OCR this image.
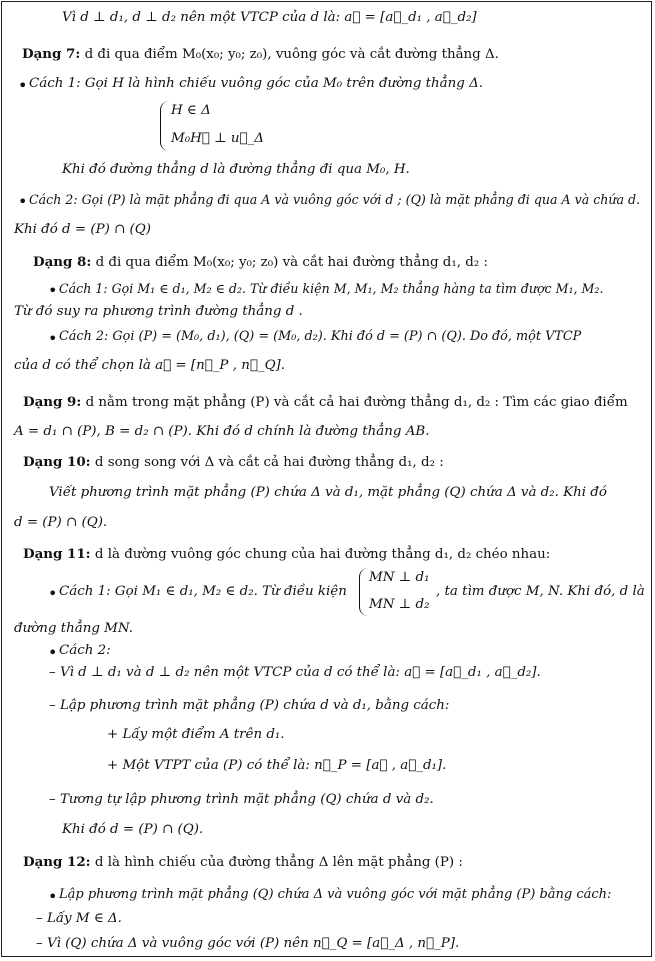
Vì d ⊥ d₁, d ⊥ d₂ nên một VTCP của d là: a⃗ = [a⃗_d₁ , a⃗_d₂]
Dạng 7: d đi qua điểm M₀(x₀; y₀; z₀), vuông góc và cắt đường thẳng Δ.
• Cách 1: Gọi H là hình chiếu vuông góc của M₀ trên đường thẳng Δ.
H ∈ Δ
M₀H⃗ ⊥ u⃗_Δ
Khi đó đường thẳng d là đường thẳng đi qua M₀, H.
• Cách 2: Gọi (P) là mặt phẳng đi qua A và vuông góc với d ; (Q) là mặt phẳng đi qua A và chứa d.
Khi đó d = (P) ∩ (Q)
Dạng 8: d đi qua điểm M₀(x₀; y₀; z₀) và cắt hai đường thẳng d₁, d₂ :
• Cách 1: Gọi M₁ ∈ d₁, M₂ ∈ d₂. Từ điều kiện M, M₁, M₂ thẳng hàng ta tìm được M₁, M₂.
Từ đó suy ra phương trình đường thẳng d .
• Cách 2: Gọi (P) = (M₀, d₁), (Q) = (M₀, d₂). Khi đó d = (P) ∩ (Q). Do đó, một VTCP
của d có thể chọn là a⃗ = [n⃗_P , n⃗_Q].
Dạng 9: d nằm trong mặt phẳng (P) và cắt cả hai đường thẳng d₁, d₂ : Tìm các giao điểm
A = d₁ ∩ (P), B = d₂ ∩ (P). Khi đó d chính là đường thẳng AB.
Dạng 10: d song song với Δ và cắt cả hai đường thẳng d₁, d₂ :
Viết phương trình mặt phẳng (P) chứa Δ và d₁, mặt phẳng (Q) chứa Δ và d₂. Khi đó
d = (P) ∩ (Q).
Dạng 11: d là đường vuông góc chung của hai đường thẳng d₁, d₂ chéo nhau:
• Cách 1: Gọi M₁ ∈ d₁, M₂ ∈ d₂. Từ điều kiện
MN ⊥ d₁
MN ⊥ d₂
, ta tìm được M, N. Khi đó, d là
đường thẳng MN.
• Cách 2:
– Vì d ⊥ d₁ và d ⊥ d₂ nên một VTCP của d có thể là: a⃗ = [a⃗_d₁ , a⃗_d₂].
– Lập phương trình mặt phẳng (P) chứa d và d₁, bằng cách:
+ Lấy một điểm A trên d₁.
+ Một VTPT của (P) có thể là: n⃗_P = [a⃗ , a⃗_d₁].
– Tương tự lập phương trình mặt phẳng (Q) chứa d và d₂.
Khi đó d = (P) ∩ (Q).
Dạng 12: d là hình chiếu của đường thẳng Δ lên mặt phẳng (P) :
• Lập phương trình mặt phẳng (Q) chứa Δ và vuông góc với mặt phẳng (P) bằng cách:
– Lấy M ∈ Δ.
– Vì (Q) chứa Δ và vuông góc với (P) nên n⃗_Q = [a⃗_Δ , n⃗_P].
